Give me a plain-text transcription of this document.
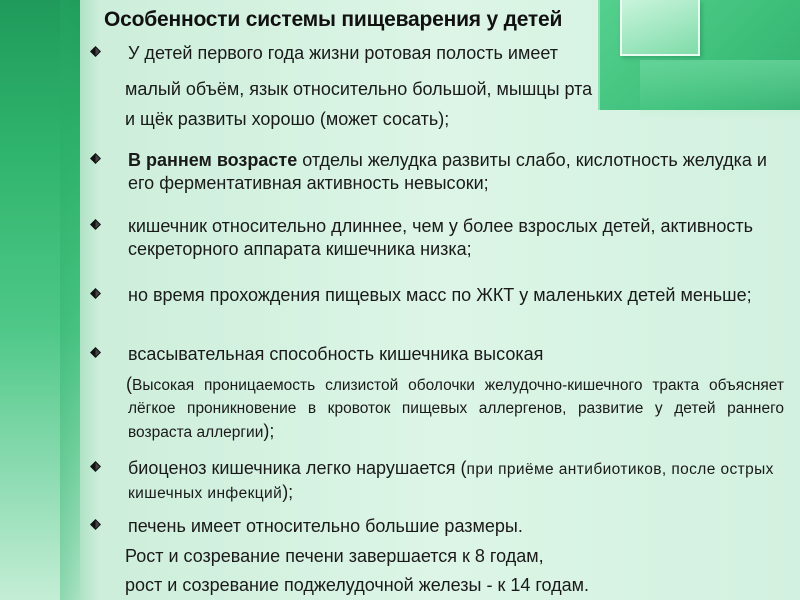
Особенности системы пищеварения у детей
У детей первого года жизни ротовая полость имеет
малый объём, язык относительно большой, мышцы рта
и щёк развиты хорошо (может сосать);
В раннем возрасте отделы желудка развиты слабо, кислотность желудка и его ферментативная активность невысоки;
кишечник относительно длиннее, чем у более взрослых детей, активность секреторного аппарата кишечника низка;
но время прохождения пищевых масс по ЖКТ у маленьких детей меньше;
всасывательная способность кишечника высокая
(Высокая проницаемость слизистой оболочки желудочно-кишечного тракта объясняет лёгкое проникновение в кровоток пищевых аллергенов, развитие у детей раннего возраста аллергии);
биоценоз кишечника легко нарушается (при приёме антибиотиков, после острых кишечных инфекций);
печень имеет относительно большие размеры.
Рост и созревание печени завершается к 8 годам,
рост и созревание поджелудочной железы - к 14 годам.
